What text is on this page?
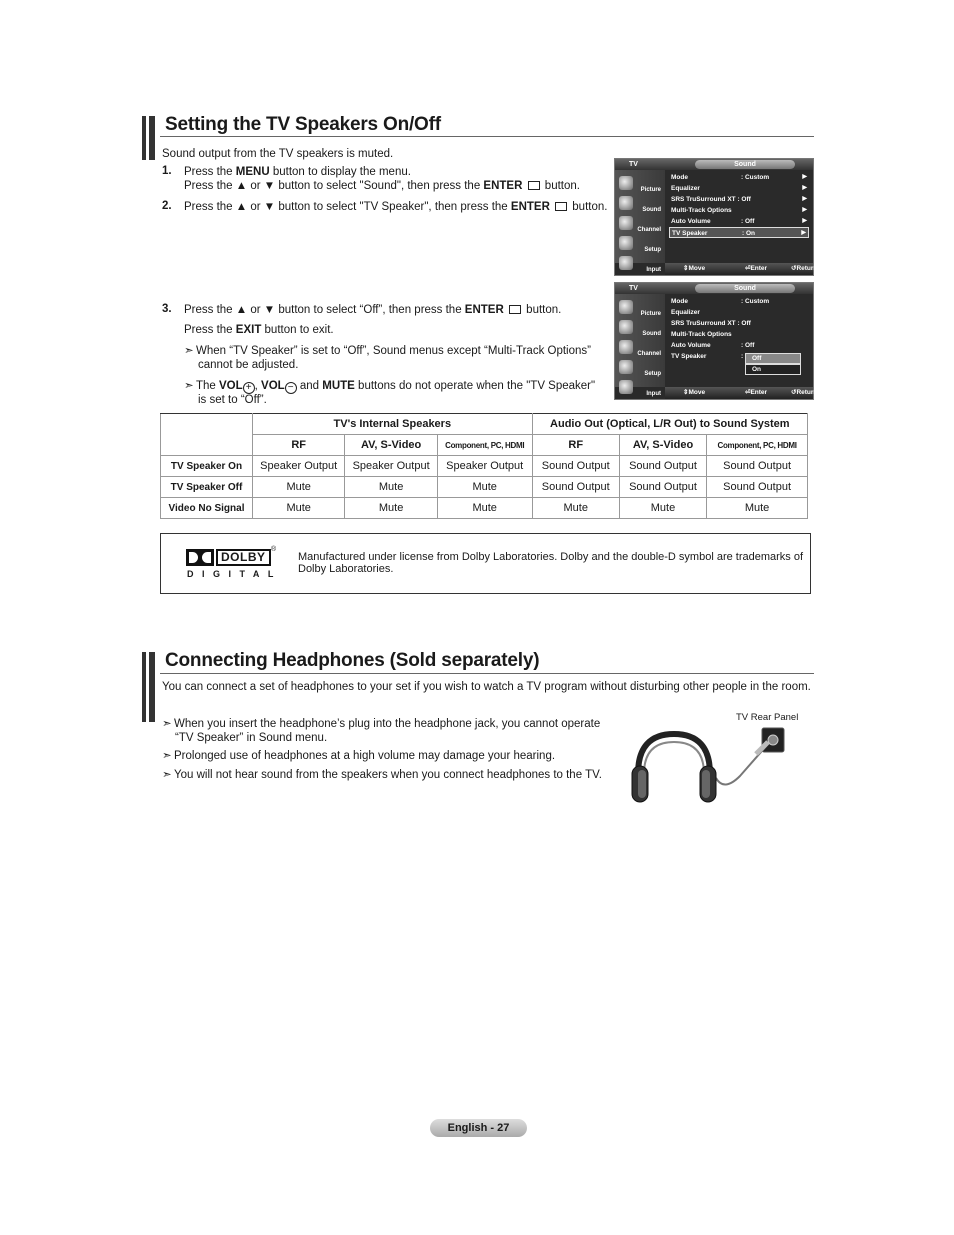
Setting the TV Speakers On/Off
Sound output from the TV speakers is muted.
1. Press the MENU button to display the menu.
Press the ▲ or ▼ button to select "Sound", then press the ENTER  button.
2. Press the ▲ or ▼ button to select "TV Speaker", then press the ENTER  button.
3. Press the ▲ or ▼ button to select “Off”, then press the ENTER  button.
Press the EXIT button to exit.
➣ When “TV Speaker” is set to “Off”, Sound menus except “Multi-Track Options”
cannot be adjusted.
➣ The VOL + , VOL − and MUTE buttons do not operate when the "TV Speaker"
is set to “Off”.
TV	Sound
Picture
Sound
Channel
Setup
Input
Mode	: Custom	▶
Equalizer	▶
SRS TruSurround XT : Off	▶
Multi-Track Options	▶
Auto Volume	: Off	▶
TV Speaker	: On	▶
⇕ Move	⏎ Enter	↺ Return
TV	Sound
Picture
Sound
Channel
Setup
Input
Mode	: Custom
Equalizer
SRS TruSurround XT : Off
Multi-Track Options
Auto Volume	: Off
TV Speaker	:	Off
On
⇕ Move	⏎ Enter	↺ Return
	TV's Internal Speakers			Audio Out (Optical, L/R Out) to Sound System		
	RF	AV, S-Video	Component, PC, HDMI	RF	AV, S-Video	Component, PC, HDMI
TV Speaker On	Speaker Output	Speaker Output	Speaker Output	Sound Output	Sound Output	Sound Output
TV Speaker Off	Mute	Mute	Mute	Sound Output	Sound Output	Sound Output
Video No Signal	Mute	Mute	Mute	Mute	Mute	Mute
DOLBY
®
DIGITAL
Manufactured under license from Dolby Laboratories. Dolby and the double-D symbol are trademarks of Dolby Laboratories.
Connecting Headphones (Sold separately)
You can connect a set of headphones to your set if you wish to watch a TV program without disturbing other people in the room.
➣ When you insert the headphone’s plug into the headphone jack, you cannot operate
“TV Speaker” in Sound menu.
➣ Prolonged use of headphones at a high volume may damage your hearing.
➣ You will not hear sound from the speakers when you connect headphones to the TV.
TV Rear Panel
English - 27
